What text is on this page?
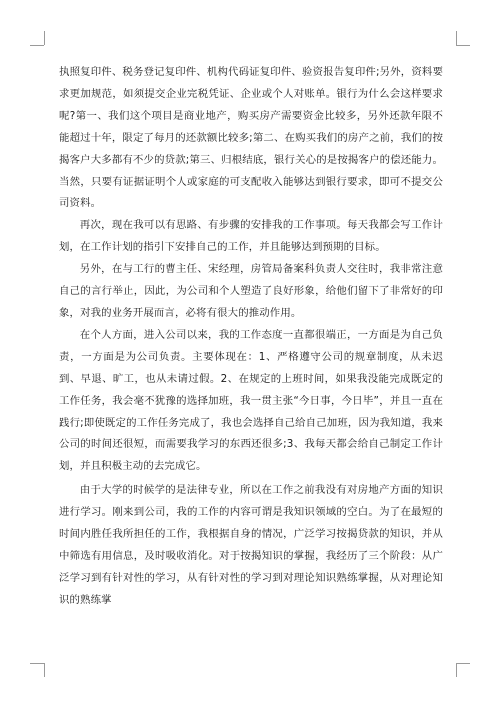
执照复印件、税务登记复印件、机构代码证复印件、验资报告复印件;另外，资料要求更加规范，如须提交企业完税凭证、企业或个人对账单。银行为什么会这样要求呢?第一、我们这个项目是商业地产，购买房产需要资金比较多，另外还款年限不能超过十年，限定了每月的还款额比较多;第二、在购买我们的房产之前，我们的按揭客户大多都有不少的贷款;第三、归根结底，银行关心的是按揭客户的偿还能力。当然，只要有证据证明个人或家庭的可支配收入能够达到银行要求，即可不提交公司资料。

再次，现在我可以有思路、有步骤的安排我的工作事项。每天我都会写工作计划，在工作计划的指引下安排自己的工作，并且能够达到预期的目标。

另外，在与工行的曹主任、宋经理，房管局备案科负责人交往时，我非常注意自己的言行举止，因此，为公司和个人塑造了良好形象，给他们留下了非常好的印象，对我的业务开展而言，必将有很大的推动作用。

在个人方面，进入公司以来，我的工作态度一直都很端正，一方面是为自己负责，一方面是为公司负责。主要体现在：1、严格遵守公司的规章制度，从未迟到、早退、旷工，也从未请过假。2、在规定的上班时间，如果我没能完成既定的工作任务，我会毫不犹豫的选择加班，我一贯主张“今日事，今日毕”，并且一直在践行;即使既定的工作任务完成了，我也会选择自己给自己加班，因为我知道，我来公司的时间还很短，而需要我学习的东西还很多;3、我每天都会给自己制定工作计划，并且积极主动的去完成它。

由于大学的时候学的是法律专业，所以在工作之前我没有对房地产方面的知识进行学习。刚来到公司，我的工作的内容可谓是我知识领域的空白。为了在最短的时间内胜任我所担任的工作，我根据自身的情况，广泛学习按揭贷款的知识，并从中筛选有用信息，及时吸收消化。对于按揭知识的掌握，我经历了三个阶段：从广泛学习到有针对性的学习，从有针对性的学习到对理论知识熟练掌握，从对理论知识的熟练掌
